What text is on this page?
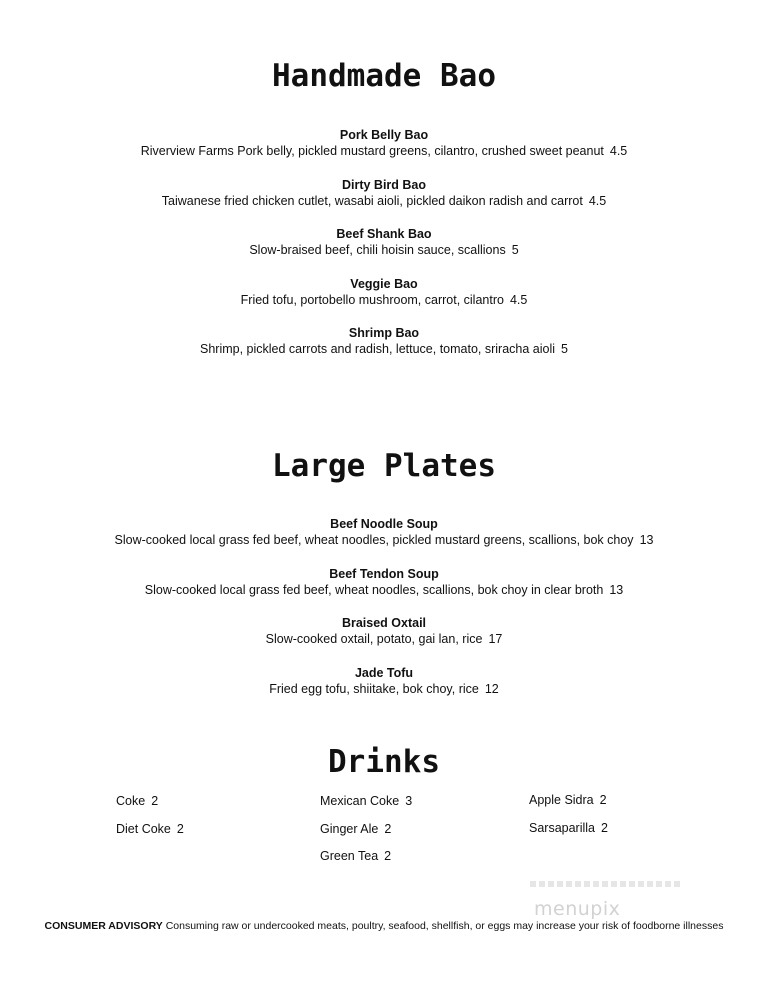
Handmade Bao
Pork Belly Bao
Riverview Farms Pork belly, pickled mustard greens, cilantro, crushed sweet peanut 4.5
Dirty Bird Bao
Taiwanese fried chicken cutlet, wasabi aioli, pickled daikon radish and carrot 4.5
Beef Shank Bao
Slow-braised beef, chili hoisin sauce, scallions 5
Veggie Bao
Fried tofu, portobello mushroom, carrot, cilantro 4.5
Shrimp Bao
Shrimp, pickled carrots and radish, lettuce, tomato, sriracha aioli 5
Large Plates
Beef Noodle Soup
Slow-cooked local grass fed beef, wheat noodles, pickled mustard greens, scallions, bok choy 13
Beef Tendon Soup
Slow-cooked local grass fed beef, wheat noodles, scallions, bok choy in clear broth 13
Braised Oxtail
Slow-cooked oxtail, potato, gai lan, rice 17
Jade Tofu
Fried egg tofu, shiitake, bok choy, rice 12
Drinks
Coke 2
Diet Coke 2
Mexican Coke 3
Ginger Ale 2
Green Tea 2
Apple Sidra 2
Sarsaparilla 2
menupix
CONSUMER ADVISORY Consuming raw or undercooked meats, poultry, seafood, shellfish, or eggs may increase your risk of foodborne illnesses
